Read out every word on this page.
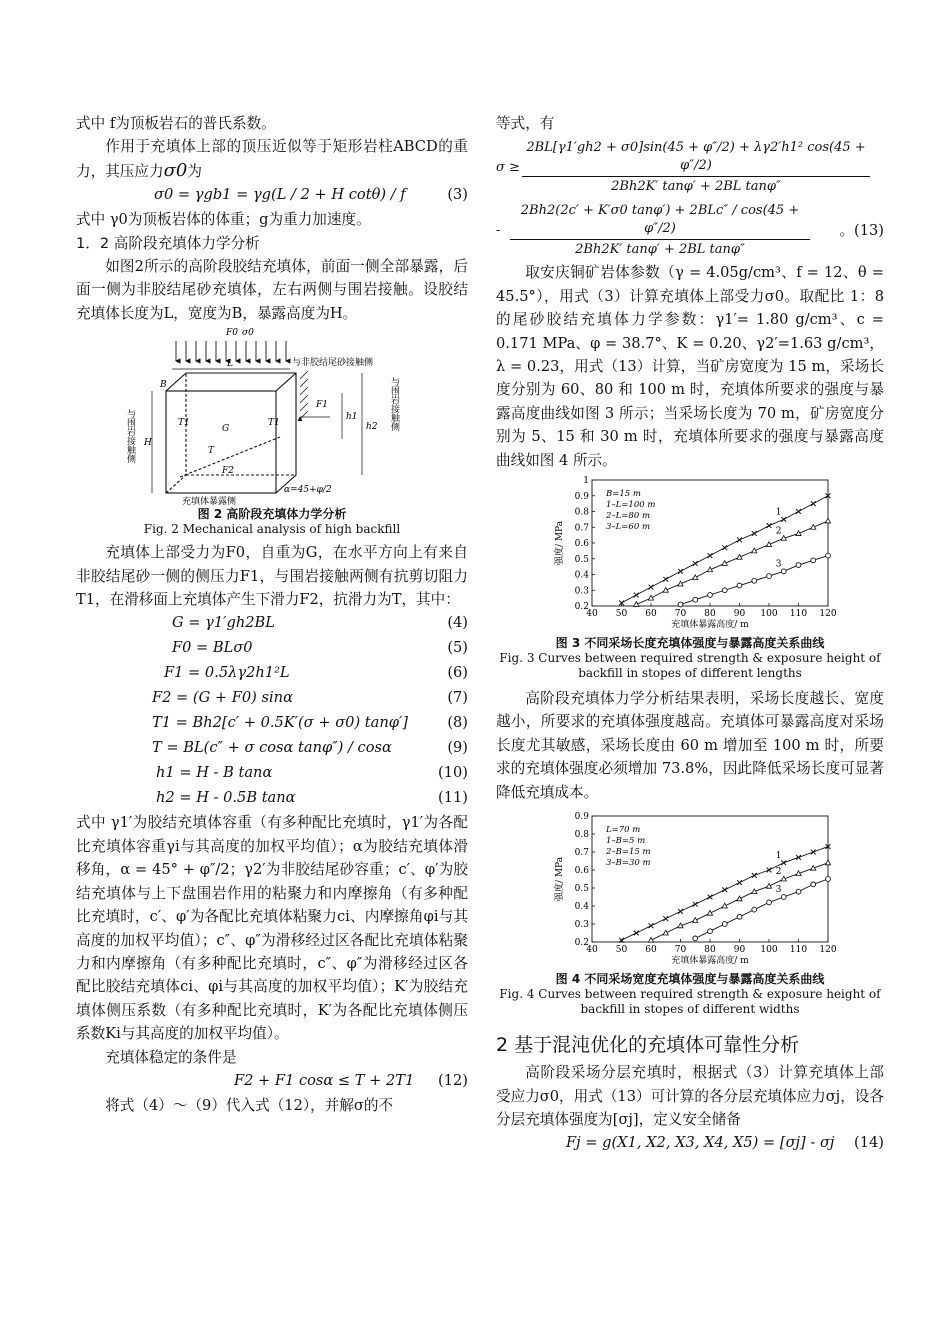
式中 f为顶板岩石的普氏系数。

作用于充填体上部的顶压近似等于矩形岩柱ABCD的重力，其压应力σ0为

σ0 = γgb1 = γg(L / 2 + H cotθ) / f	(3)

式中 γ0为顶板岩体的体重；g为重力加速度。

1．2 高阶段充填体力学分析

如图2所示的高阶段胶结充填体，前面一侧全部暴露，后面一侧为非胶结尾砂充填体，左右两侧与围岩接触。设胶结充填体长度为L，宽度为B，暴露高度为H。

F0 σ0
L	与非胶结尾砂接触侧
B
F1
h1
h2 与围岩接触侧
与围岩接触侧 H
T1
G
T1
T
F2
α=45+φ/2
充填体暴露侧
图 2 高阶段充填体力学分析
Fig. 2 Mechanical analysis of high backfill

充填体上部受力为F0，自重为G，在水平方向上有来自非胶结尾砂一侧的侧压力F1，与围岩接触两侧有抗剪切阻力T1，在滑移面上充填体产生下滑力F2，抗滑力为T，其中：

G = γ1′gh2BL	(4)
F0 = BLσ0	(5)
F1 = 0.5λγ2h1²L	(6)
F2 = (G + F0) sinα	(7)
T1 = Bh2[c′ + 0.5K′(σ + σ0) tanφ′]	(8)
T = BL(c″ + σ cosα tanφ″) / cosα	(9)
h1 = H - B tanα	(10)
h2 = H - 0.5B tanα	(11)

式中 γ1′为胶结充填体容重（有多种配比充填时，γ1′为各配比充填体容重γi与其高度的加权平均值）；α为胶结充填体滑移角，α = 45° + φ″/2；γ2′为非胶结尾砂容重；c′、φ′为胶结充填体与上下盘围岩作用的粘聚力和内摩擦角（有多种配比充填时，c′、φ′为各配比充填体粘聚力ci、内摩擦角φi与其高度的加权平均值）；c″、φ″为滑移经过区各配比充填体粘聚力和内摩擦角（有多种配比充填时，c″、φ″为滑移经过区各配比胶结充填体ci、φi与其高度的加权平均值）；K′为胶结充填体侧压系数（有多种配比充填时，K′为各配比充填体侧压系数Ki与其高度的加权平均值）。

充填体稳定的条件是

F2 + F1 cosα ≤ T + 2T1 (12)

将式（4）～（9）代入式（12），并解σ的不

等式，有

$\sigma \ge \frac{\text{2BL[γ1′gh2 + σ0]sin(45 + φ″/2) + λγ2′h1² cos(45 + φ″/2)}}{\text{2Bh2K′ tanφ′ + 2BL tanφ″}}$
- $\frac{\text{2Bh2(2c′ + K′σ0 tanφ′) + 2BLc″ / cos(45 + φ″/2)}}{\text{2Bh2K′ tanφ′ + 2BL tanφ″}}$ 。(13)

取安庆铜矿岩体参数（γ = 4.05g/cm³、f = 12、θ = 45.5°），用式（3）计算充填体上部受力σ0。取配比 1：8 的尾砂胶结充填体力学参数：γ1′= 1.80 g/cm³、c = 0.171 MPa、φ = 38.7°、K = 0.20、γ2′=1.63 g/cm³，λ = 0.23，用式（13）计算，当矿房宽度为 15 m，采场长度分别为 60、80 和 100 m 时，充填体所要求的强度与暴露高度曲线如图 3 所示；当采场长度为 70 m，矿房宽度分别为 5、15 和 30 m 时，充填体所要求的强度与暴露高度曲线如图 4 所示。

40 50 60 70 80 90 100 110 120
0.2
0.3
0.4
0.5
0.6
0.7
0.8
0.9
1
充填体暴露高度/ m
强度/ MPa
B=15 m
1–L=100 m
2–L=80 m
3–L=60 m
1
2
3
图 3 不同采场长度充填体强度与暴露高度关系曲线
Fig. 3 Curves between required strength & exposure height of backfill in stopes of different lengths

高阶段充填体力学分析结果表明，采场长度越长、宽度越小，所要求的充填体强度越高。充填体可暴露高度对采场长度尤其敏感，采场长度由 60 m 增加至 100 m 时，所要求的充填体强度必须增加 73.8%，因此降低采场长度可显著降低充填成本。

40 50 60 70 80 90 100 110 120
0.2
0.3
0.4
0.5
0.6
0.7
0.8
0.9
充填体暴露高度/ m
强度/ MPa
L=70 m
1–B=5 m
2–B=15 m
3–B=30 m
1
2
3
图 4 不同采场宽度充填体强度与暴露高度关系曲线
Fig. 4 Curves between required strength & exposure height of backfill in stopes of different widths

2 基于混沌优化的充填体可靠性分析

高阶段采场分层充填时，根据式（3）计算充填体上部受应力σ0，用式（13）可计算的各分层充填体应力σj，设各分层充填体强度为[σj]，定义安全储备

Fj = g(X1, X2, X3, X4, X5) = [σj] - σj (14)
